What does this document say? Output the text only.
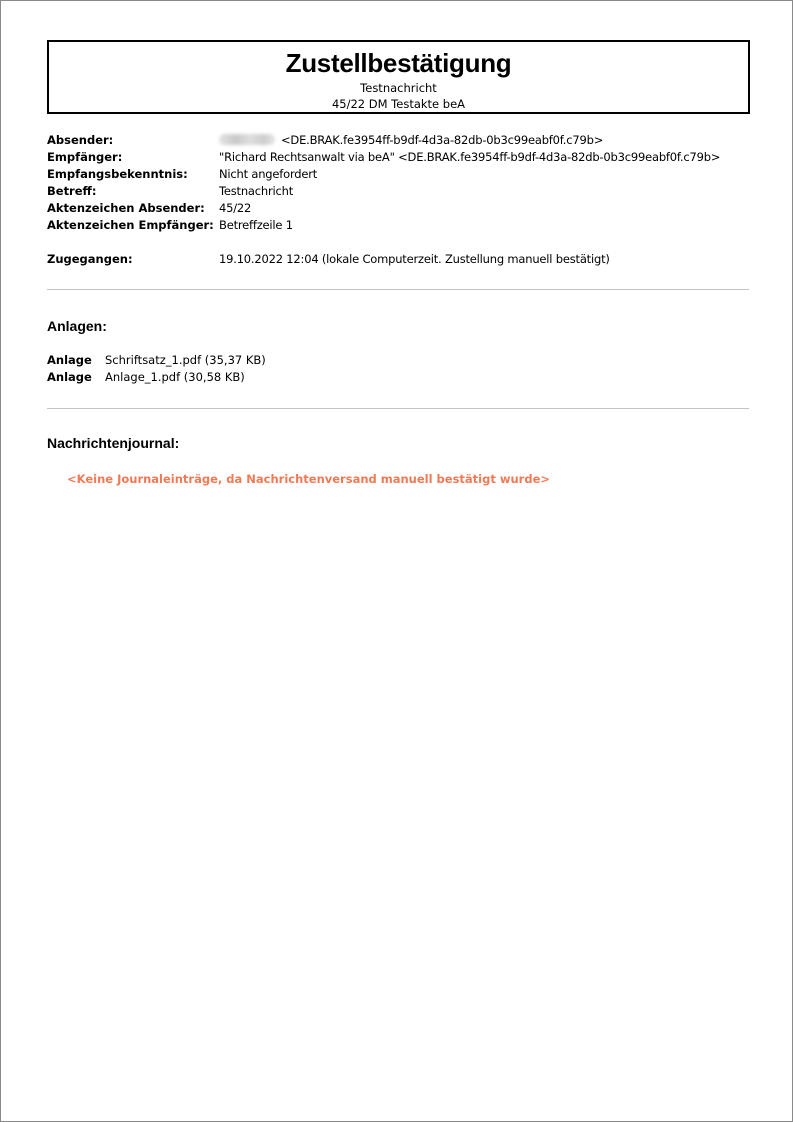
Zustellbestätigung
Testnachricht
45/22 DM Testakte beA
Absender:	<DE.BRAK.fe3954ff-b9df-4d3a-82db-0b3c99eabf0f.c79b>
Empfänger:	"Richard Rechtsanwalt via beA" <DE.BRAK.fe3954ff-b9df-4d3a-82db-0b3c99eabf0f.c79b>
Empfangsbekenntnis:	Nicht angefordert
Betreff:	Testnachricht
Aktenzeichen Absender:	45/22
Aktenzeichen Empfänger: Betreffzeile 1
Zugegangen:	19.10.2022 12:04 (lokale Computerzeit. Zustellung manuell bestätigt)
Anlagen:
Anlage	Schriftsatz_1.pdf (35,37 KB)
Anlage	Anlage_1.pdf (30,58 KB)
Nachrichtenjournal:
<Keine Journaleinträge, da Nachrichtenversand manuell bestätigt wurde>
